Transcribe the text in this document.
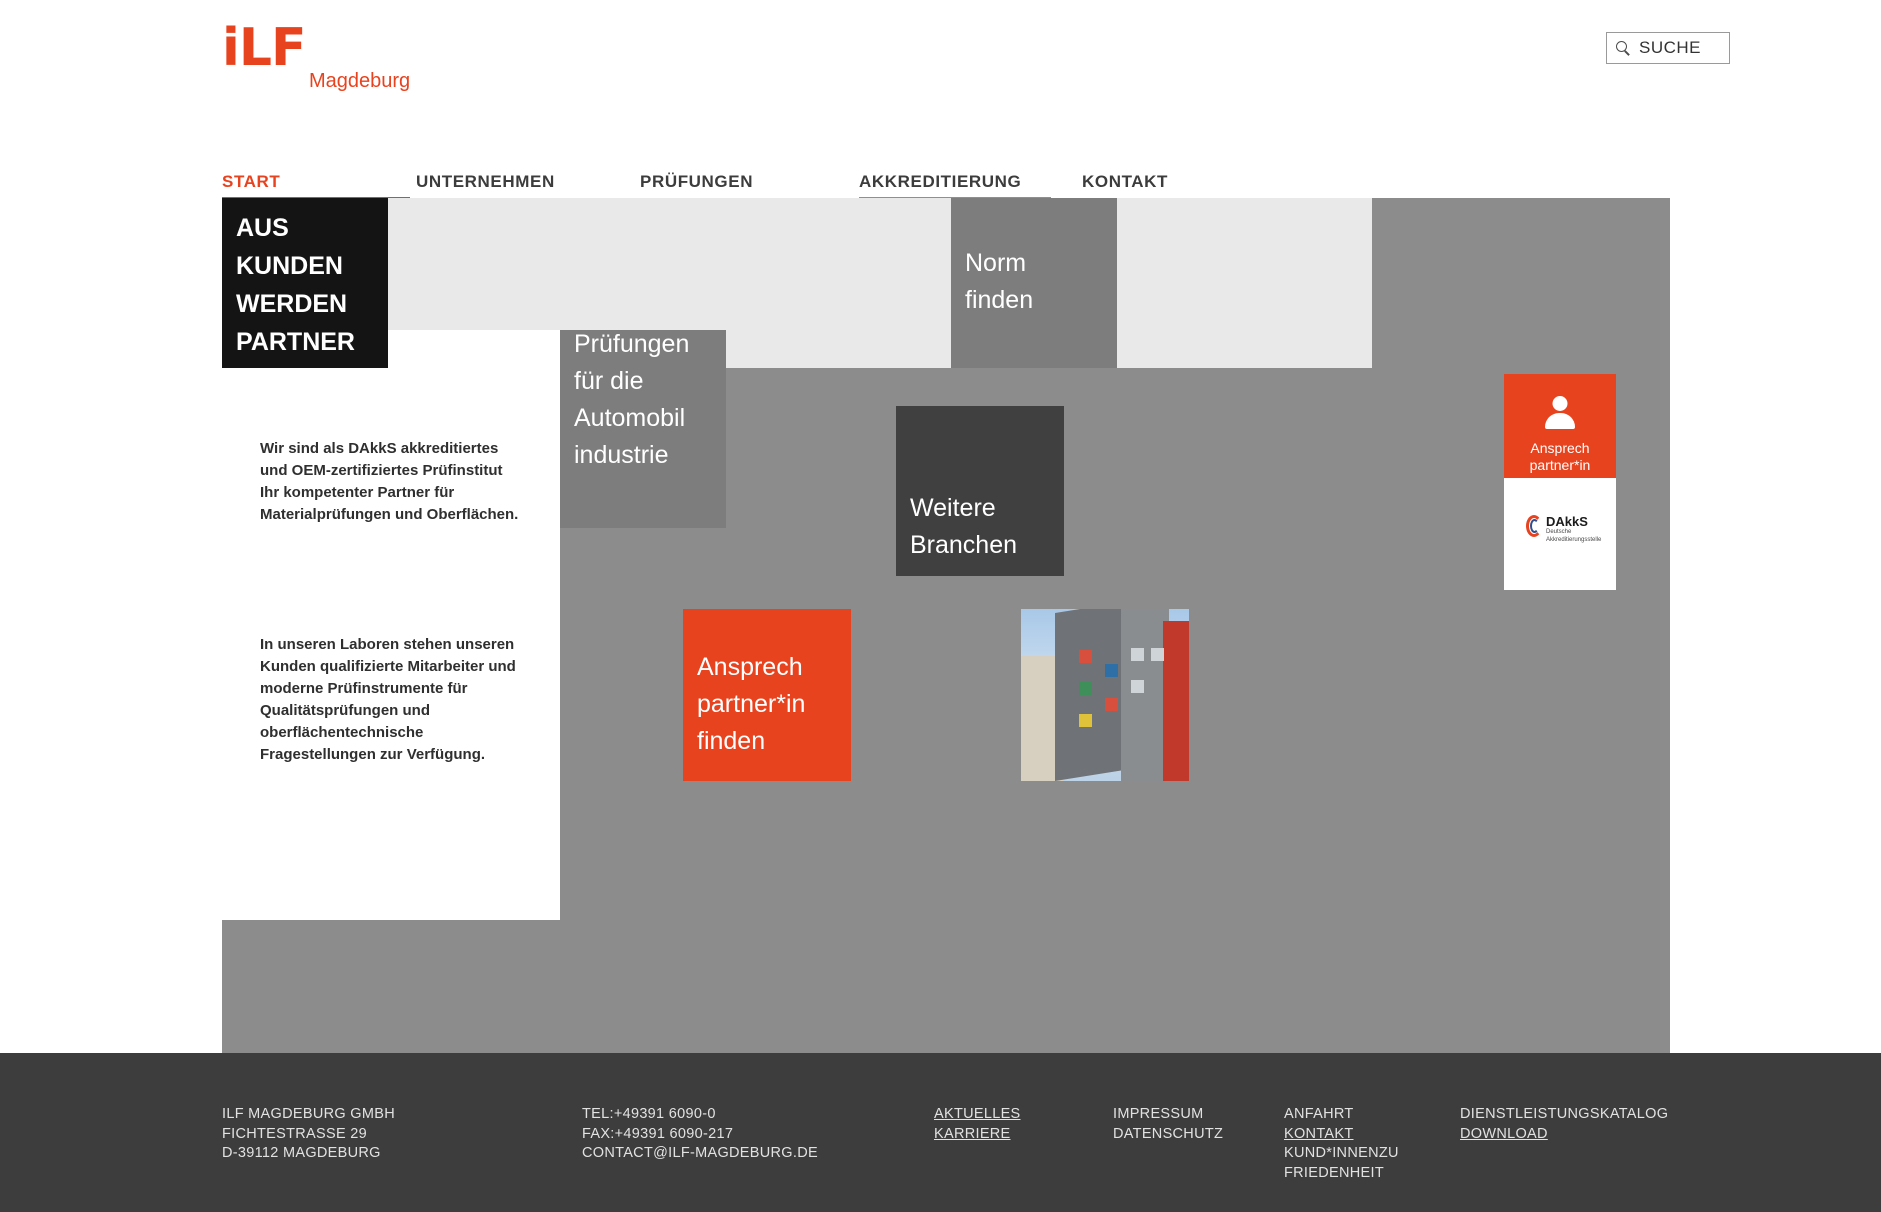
iLF
Magdeburg
SUCHE
START	UNTERNEHMEN	PRÜFUNGEN	AKKREDITIERUNG	KONTAKT
AUS
KUNDEN
WERDEN
PARTNER
Norm
finden
Prüfungen
für die
Automobil
industrie
Weitere
Branchen
Ansprech
partner*in
finden
Ansprech partner*in
DAkkS
Deutsche Akkreditierungsstelle
Wir sind als DAkkS akkreditiertes und OEM-zertifiziertes Prüfinstitut Ihr kompetenter Partner für Materialprüfungen und Oberflächen.
In unseren Laboren stehen unseren Kunden qualifizierte Mitarbeiter und moderne Prüfinstrumente für Qualitätsprüfungen und oberflächentechnische Fragestellungen zur Verfügung.
ILF MAGDEBURG GMBH
FICHTESTRASSE 29
D-39112 MAGDEBURG
TEL:+49391 6090-0
FAX:+49391 6090-217
CONTACT@ILF-MAGDEBURG.DE
AKTUELLES
KARRIERE
IMPRESSUM
DATENSCHUTZ
ANFAHRT
KONTAKT
KUND*INNENZU
FRIEDENHEIT
DIENSTLEISTUNGSKATALOG
DOWNLOAD
